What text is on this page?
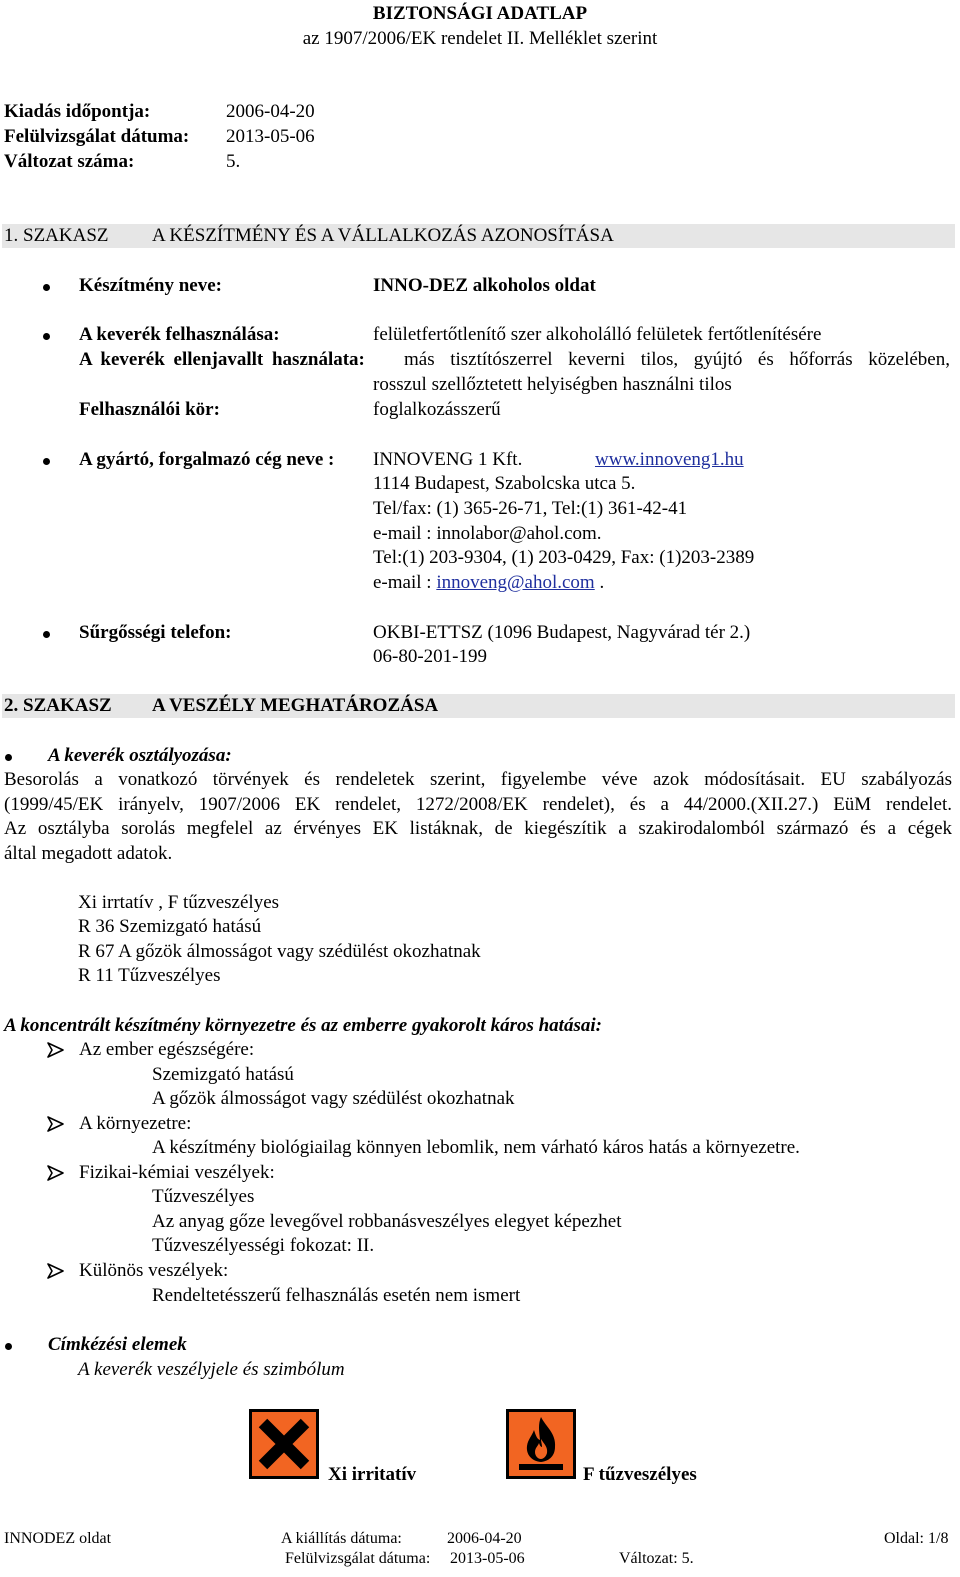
BIZTONSÁGI ADATLAP
az 1907/2006/EK rendelet II. Melléklet szerint
Kiadás időpontja:	2006-04-20
Felülvizsgálat dátuma: 2013-05-06
Változat száma:	5.
1. SZAKASZ A KÉSZÍTMÉNY ÉS A VÁLLALKOZÁS AZONOSÍTÁSA
Készítmény neve:	INNO-DEZ alkoholos oldat
A keverék felhasználása:	felületfertőtlenítő szer alkoholálló felületek fertőtlenítésére
A keverék ellenjavallt használata: más tisztítószerrel keverni tilos, gyújtó és hőforrás közelében,
rosszul szellőztetett helyiségben használni tilos
Felhasználói kör:	foglalkozásszerű
A gyártó, forgalmazó cég neve : INNOVENG 1 Kft.	www.innoveng1.hu
1114 Budapest, Szabolcska utca 5.
Tel/fax: (1) 365-26-71, Tel:(1) 361-42-41
e-mail : innolabor@ahol.com.
Tel:(1) 203-9304, (1) 203-0429, Fax: (1)203-2389
e-mail : innoveng@ahol.com .
Sűrgősségi telefon:	OKBI-ETTSZ (1096 Budapest, Nagyvárad tér 2.)
06-80-201-199
2. SZAKASZ A VESZÉLY MEGHATÁROZÁSA
A keverék osztályozása:
Besorolás a vonatkozó törvények és rendeletek szerint, figyelembe véve azok módosításait. EU szabályozás
(1999/45/EK irányelv, 1907/2006 EK rendelet, 1272/2008/EK rendelet), és a 44/2000.(XII.27.) EüM rendelet.
Az osztályba sorolás megfelel az érvényes EK listáknak, de kiegészítik a szakirodalomból származó és a cégek
által megadott adatok.
Xi irrtatív , F tűzveszélyes
R 36 Szemizgató hatású
R 67 A gőzök álmosságot vagy szédülést okozhatnak
R 11 Tűzveszélyes
A koncentrált készítmény környezetre és az emberre gyakorolt káros hatásai:
Az ember egészségére:
Szemizgató hatású
A gőzök álmosságot vagy szédülést okozhatnak
A környezetre:
A készítmény biológiailag könnyen lebomlik, nem várható káros hatás a környezetre.
Fizikai-kémiai veszélyek:
Tűzveszélyes
Az anyag gőze levegővel robbanásveszélyes elegyet képezhet
Tűzveszélyességi fokozat: II.
Különös veszélyek:
Rendeltetésszerű felhasználás esetén nem ismert
Címkézési elemek
A keverék veszélyjele és szimbólum
Xi irritatív	F tűzveszélyes
INNODEZ oldat	A kiállítás dátuma:	2006-04-20	Oldal: 1/8
Felülvizsgálat dátuma: 2013-05-06	Változat: 5.
